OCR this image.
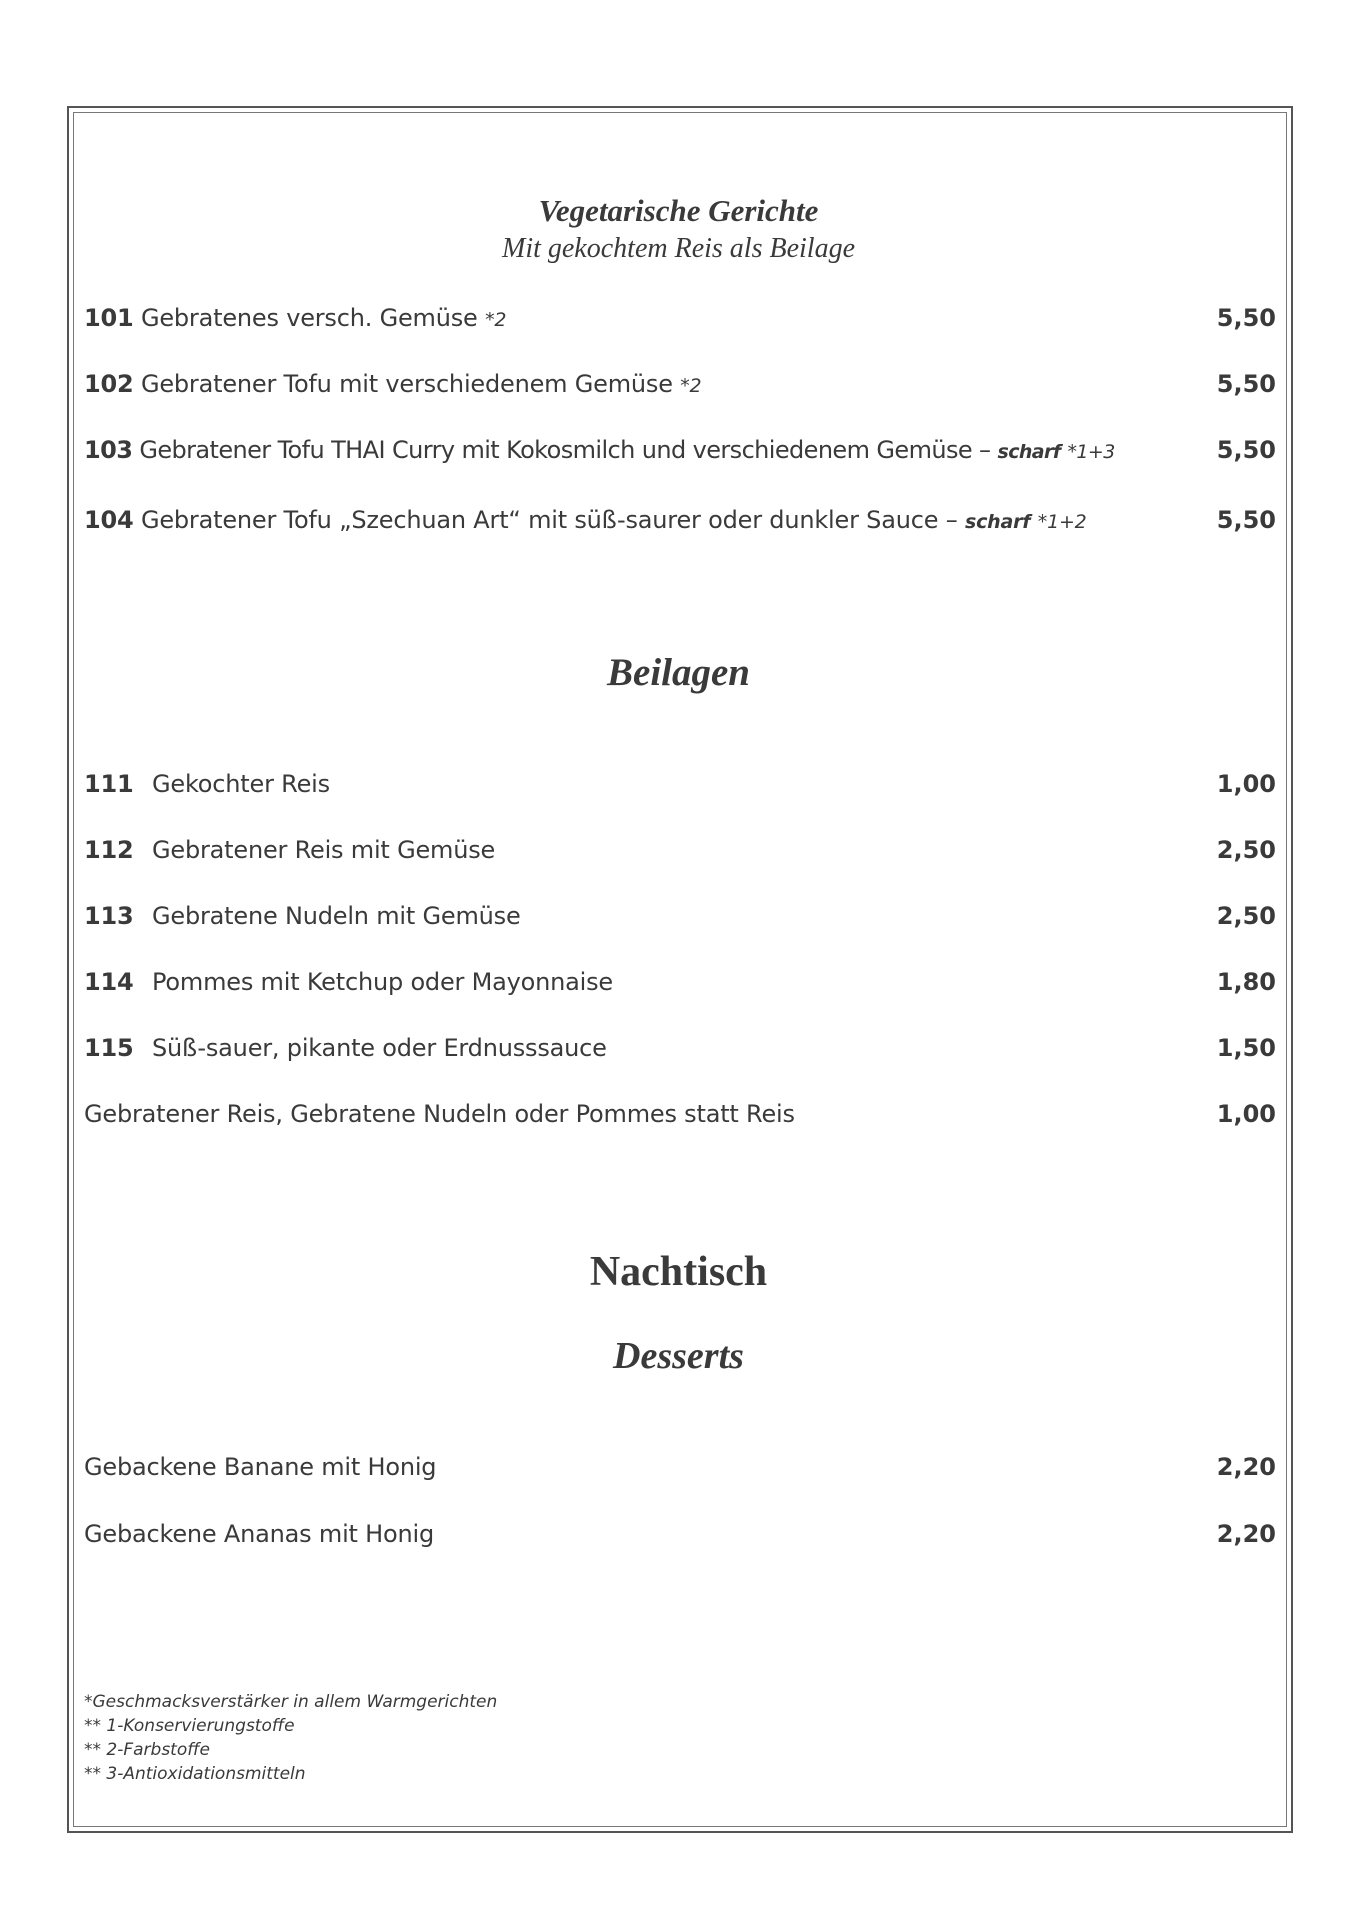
Vegetarische Gerichte
Mit gekochtem Reis als Beilage
101 Gebratenes versch. Gemüse *2	5,50
102 Gebratener Tofu mit verschiedenem Gemüse *2	5,50
103 Gebratener Tofu THAI Curry mit Kokosmilch und verschiedenem Gemüse – scharf *1+3	5,50
104 Gebratener Tofu „Szechuan Art“ mit süß-saurer oder dunkler Sauce – scharf *1+2	5,50
Beilagen
111 Gekochter Reis	1,00
112 Gebratener Reis mit Gemüse	2,50
113 Gebratene Nudeln mit Gemüse	2,50
114 Pommes mit Ketchup oder Mayonnaise	1,80
115 Süß-sauer, pikante oder Erdnusssauce	1,50
Gebratener Reis, Gebratene Nudeln oder Pommes statt Reis	1,00
Nachtisch
Desserts
Gebackene Banane mit Honig	2,20
Gebackene Ananas mit Honig	2,20
*Geschmacksverstärker in allem Warmgerichten
** 1-Konservierungstoffe
** 2-Farbstoffe
** 3-Antioxidationsmitteln
